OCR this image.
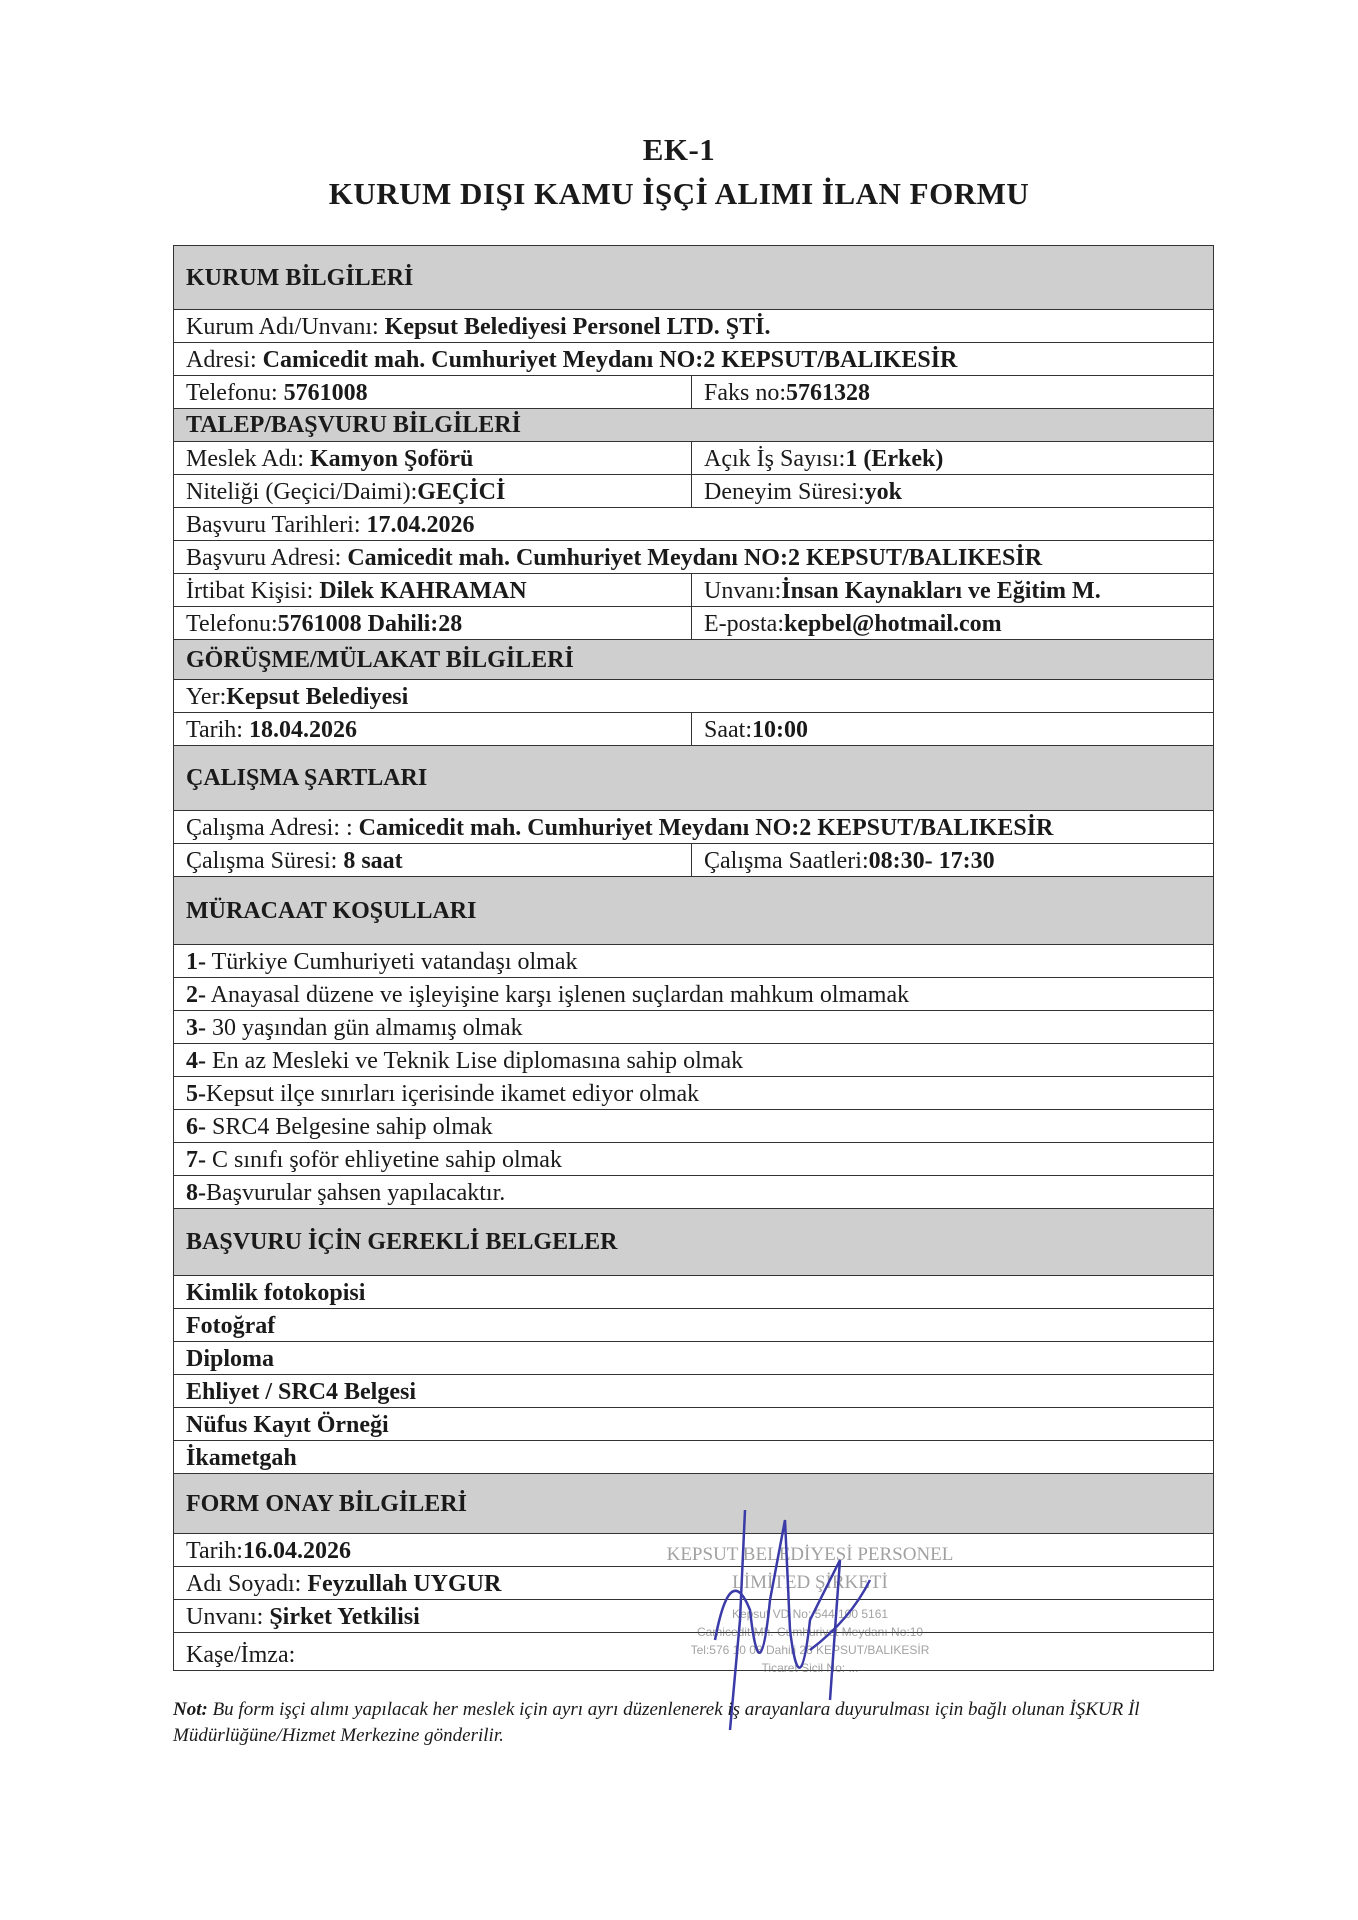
EK-1
KURUM DIŞI KAMU İŞÇİ ALIMI İLAN FORMU
KURUM BİLGİLERİ	
Kurum Adı/Unvanı: Kepsut Belediyesi Personel LTD. ŞTİ.	
Adresi: Camicedit mah. Cumhuriyet Meydanı NO:2 KEPSUT/BALIKESİR	
Telefonu: 5761008	Faks no:5761328
TALEP/BAŞVURU BİLGİLERİ	
Meslek Adı: Kamyon Şoförü	Açık İş Sayısı:1 (Erkek)
Niteliği (Geçici/Daimi):GEÇİCİ	Deneyim Süresi:yok
Başvuru Tarihleri: 17.04.2026	
Başvuru Adresi: Camicedit mah. Cumhuriyet Meydanı NO:2 KEPSUT/BALIKESİR	
İrtibat Kişisi: Dilek KAHRAMAN	Unvanı:İnsan Kaynakları ve Eğitim M.
Telefonu:5761008 Dahili:28	E-posta:kepbel@hotmail.com
GÖRÜŞME/MÜLAKAT BİLGİLERİ	
Yer:Kepsut Belediyesi	
Tarih: 18.04.2026	Saat:10:00
ÇALIŞMA ŞARTLARI	
Çalışma Adresi: : Camicedit mah. Cumhuriyet Meydanı NO:2 KEPSUT/BALIKESİR	
Çalışma Süresi: 8 saat	Çalışma Saatleri:08:30- 17:30
MÜRACAAT KOŞULLARI	
1- Türkiye Cumhuriyeti vatandaşı olmak	
2- Anayasal düzene ve işleyişine karşı işlenen suçlardan mahkum olmamak	
3- 30 yaşından gün almamış olmak	
4- En az Mesleki ve Teknik Lise diplomasına sahip olmak	
5-Kepsut ilçe sınırları içerisinde ikamet ediyor olmak	
6- SRC4 Belgesine sahip olmak	
7- C sınıfı şoför ehliyetine sahip olmak	
8-Başvurular şahsen yapılacaktır.	
BAŞVURU İÇİN GEREKLİ BELGELER	
Kimlik fotokopisi	
Fotoğraf	
Diploma	
Ehliyet / SRC4 Belgesi	
Nüfus Kayıt Örneği	
İkametgah	
FORM ONAY BİLGİLERİ	
Tarih:16.04.2026	
Adı Soyadı: Feyzullah UYGUR	
Unvanı: Şirket Yetkilisi	
Kaşe/İmza:	
KEPSUT BELEDİYESİ PERSONEL
LİMİTED ŞİRKETİ
Kepsut VD No: 544 100 5161
Camicedit Mh. Cumhuriyet Meydanı No:10
Tel:576 10 08 Dahili 28 KEPSUT/BALIKESİR
Ticaret Sicil No: ...
Not: Bu form işçi alımı yapılacak her meslek için ayrı ayrı düzenlenerek iş arayanlara duyurulması için bağlı olunan İŞKUR İl Müdürlüğüne/Hizmet Merkezine gönderilir.
